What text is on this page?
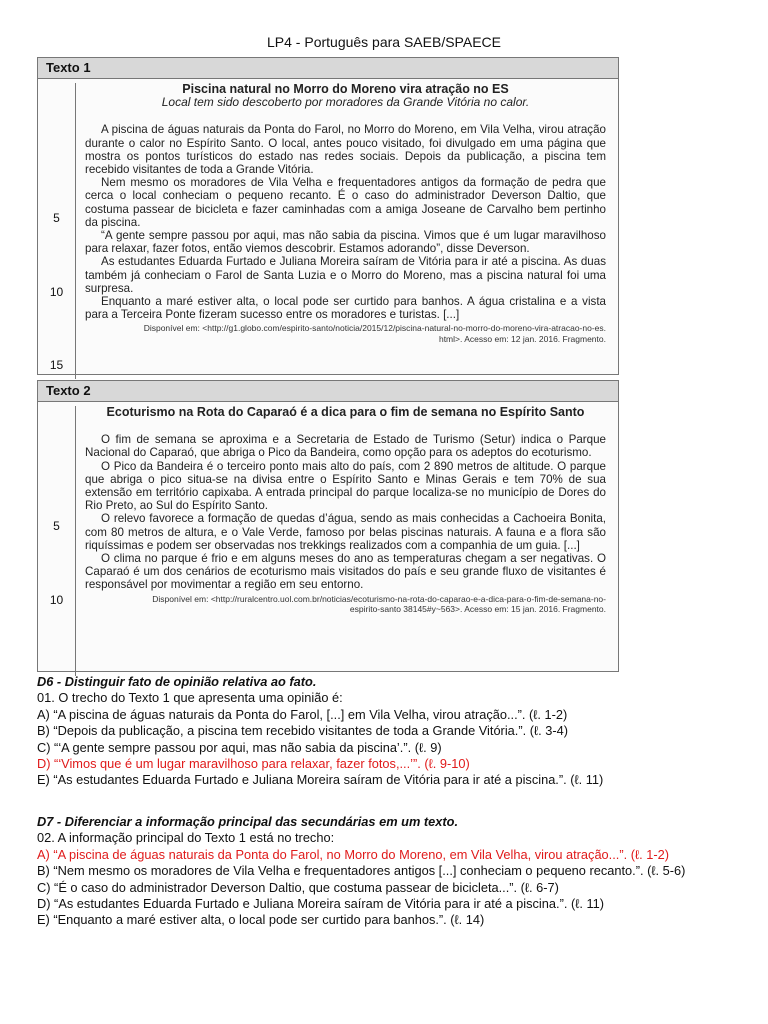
LP4 - Português para SAEB/SPAECE
Texto 1
5
10
15
Piscina natural no Morro do Moreno vira atração no ES
Local tem sido descoberto por moradores da Grande Vitória no calor.

A piscina de águas naturais da Ponta do Farol, no Morro do Moreno, em Vila Velha, virou atração durante o calor no Espírito Santo. O local, antes pouco visitado, foi divulgado em uma página que mostra os pontos turísticos do estado nas redes sociais. Depois da publicação, a piscina tem recebido visitantes de toda a Grande Vitória.

Nem mesmo os moradores de Vila Velha e frequentadores antigos da formação de pedra que cerca o local conheciam o pequeno recanto. É o caso do administrador Deverson Daltio, que costuma passear de bicicleta e fazer caminhadas com a amiga Joseane de Carvalho bem pertinho da piscina.

“A gente sempre passou por aqui, mas não sabia da piscina. Vimos que é um lugar maravilhoso para relaxar, fazer fotos, então viemos descobrir. Estamos adorando”, disse Deverson.

As estudantes Eduarda Furtado e Juliana Moreira saíram de Vitória para ir até a piscina. As duas também já conheciam o Farol de Santa Luzia e o Morro do Moreno, mas a piscina natural foi uma surpresa.

Enquanto a maré estiver alta, o local pode ser curtido para banhos. A água cristalina e a vista para a Terceira Ponte fizeram sucesso entre os moradores e turistas. [...]

Disponível em: <http://g1.globo.com/espirito-santo/noticia/2015/12/piscina-natural-no-morro-do-moreno-vira-atracao-no-es.
html>. Acesso em: 12 jan. 2016. Fragmento.
Texto 2
5
10
Ecoturismo na Rota do Caparaó é a dica para o fim de semana no Espírito Santo

O fim de semana se aproxima e a Secretaria de Estado de Turismo (Setur) indica o Parque Nacional do Caparaó, que abriga o Pico da Bandeira, como opção para os adeptos do ecoturismo.

O Pico da Bandeira é o terceiro ponto mais alto do país, com 2 890 metros de altitude. O parque que abriga o pico situa-se na divisa entre o Espírito Santo e Minas Gerais e tem 70% de sua extensão em território capixaba. A entrada principal do parque localiza-se no município de Dores do Rio Preto, ao Sul do Espírito Santo.

O relevo favorece a formação de quedas d’água, sendo as mais conhecidas a Cachoeira Bonita, com 80 metros de altura, e o Vale Verde, famoso por belas piscinas naturais. A fauna e a flora são riquíssimas e podem ser observadas nos trekkings realizados com a companhia de um guia. [...]

O clima no parque é frio e em alguns meses do ano as temperaturas chegam a ser negativas. O Caparaó é um dos cenários de ecoturismo mais visitados do país e seu grande fluxo de visitantes é responsável por movimentar a região em seu entorno.

Disponível em: <http://ruralcentro.uol.com.br/noticias/ecoturismo-na-rota-do-caparao-e-a-dica-para-o-fim-de-semana-no-
espirito-santo 38145#y~563>. Acesso em: 15 jan. 2016. Fragmento.
D6 - Distinguir fato de opinião relativa ao fato.
01. O trecho do Texto 1 que apresenta uma opinião é:
A) “A piscina de águas naturais da Ponta do Farol, [...] em Vila Velha, virou atração...”. (ℓ. 1-2)
B) “Depois da publicação, a piscina tem recebido visitantes de toda a Grande Vitória.”. (ℓ. 3-4)
C) “‘A gente sempre passou por aqui, mas não sabia da piscina’.”. (ℓ. 9)
D) “‘Vimos que é um lugar maravilhoso para relaxar, fazer fotos,...’”. (ℓ. 9-10)
E) “As estudantes Eduarda Furtado e Juliana Moreira saíram de Vitória para ir até a piscina.”. (ℓ. 11)
D7 - Diferenciar a informação principal das secundárias em um texto.
02. A informação principal do Texto 1 está no trecho:
A) “A piscina de águas naturais da Ponta do Farol, no Morro do Moreno, em Vila Velha, virou atração...”. (ℓ. 1-2)
B) “Nem mesmo os moradores de Vila Velha e frequentadores antigos [...] conheciam o pequeno recanto.”. (ℓ. 5-6)
C) “É o caso do administrador Deverson Daltio, que costuma passear de bicicleta...”. (ℓ. 6-7)
D) “As estudantes Eduarda Furtado e Juliana Moreira saíram de Vitória para ir até a piscina.”. (ℓ. 11)
E) “Enquanto a maré estiver alta, o local pode ser curtido para banhos.”. (ℓ. 14)
